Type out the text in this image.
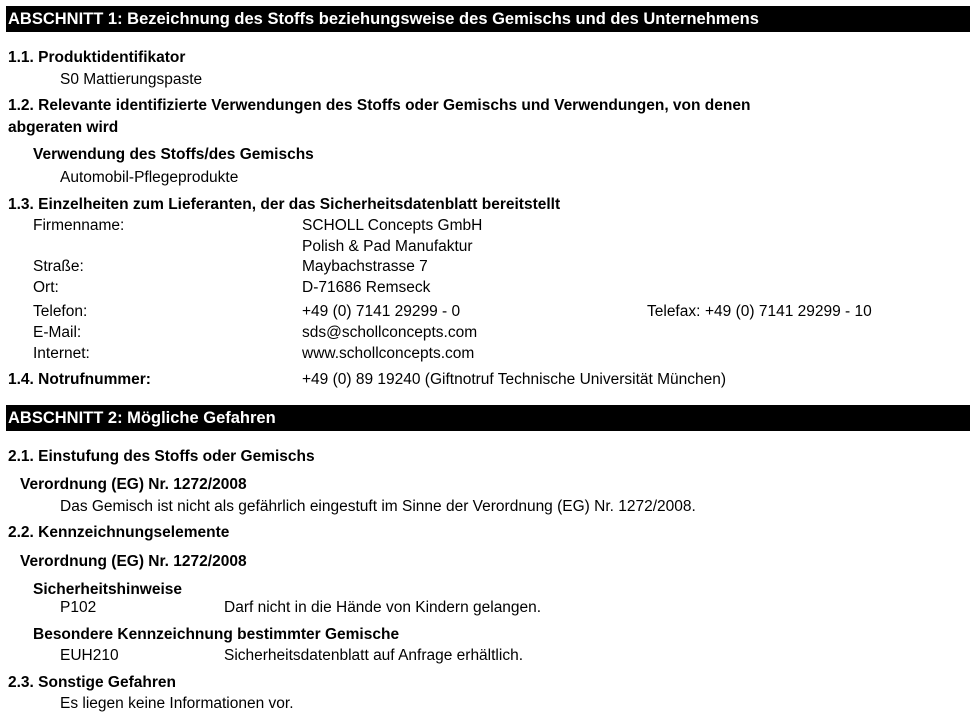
ABSCHNITT 1: Bezeichnung des Stoffs beziehungsweise des Gemischs und des Unternehmens
1.1. Produktidentifikator
S0 Mattierungspaste
1.2. Relevante identifizierte Verwendungen des Stoffs oder Gemischs und Verwendungen, von denen
abgeraten wird
Verwendung des Stoffs/des Gemischs
Automobil-Pflegeprodukte
1.3. Einzelheiten zum Lieferanten, der das Sicherheitsdatenblatt bereitstellt
Firmenname:	SCHOLL Concepts GmbH
Polish & Pad Manufaktur
Straße:	Maybachstrasse 7
Ort:	D-71686 Remseck
Telefon:	+49 (0) 7141 29299 - 0	Telefax: +49 (0) 7141 29299 - 10
E-Mail:	sds@schollconcepts.com
Internet:	www.schollconcepts.com
1.4. Notrufnummer:	+49 (0) 89 19240 (Giftnotruf Technische Universität München)
ABSCHNITT 2: Mögliche Gefahren
2.1. Einstufung des Stoffs oder Gemischs
Verordnung (EG) Nr. 1272/2008
Das Gemisch ist nicht als gefährlich eingestuft im Sinne der Verordnung (EG) Nr. 1272/2008.
2.2. Kennzeichnungselemente
Verordnung (EG) Nr. 1272/2008
Sicherheitshinweise
P102	Darf nicht in die Hände von Kindern gelangen.
Besondere Kennzeichnung bestimmter Gemische
EUH210	Sicherheitsdatenblatt auf Anfrage erhältlich.
2.3. Sonstige Gefahren
Es liegen keine Informationen vor.
